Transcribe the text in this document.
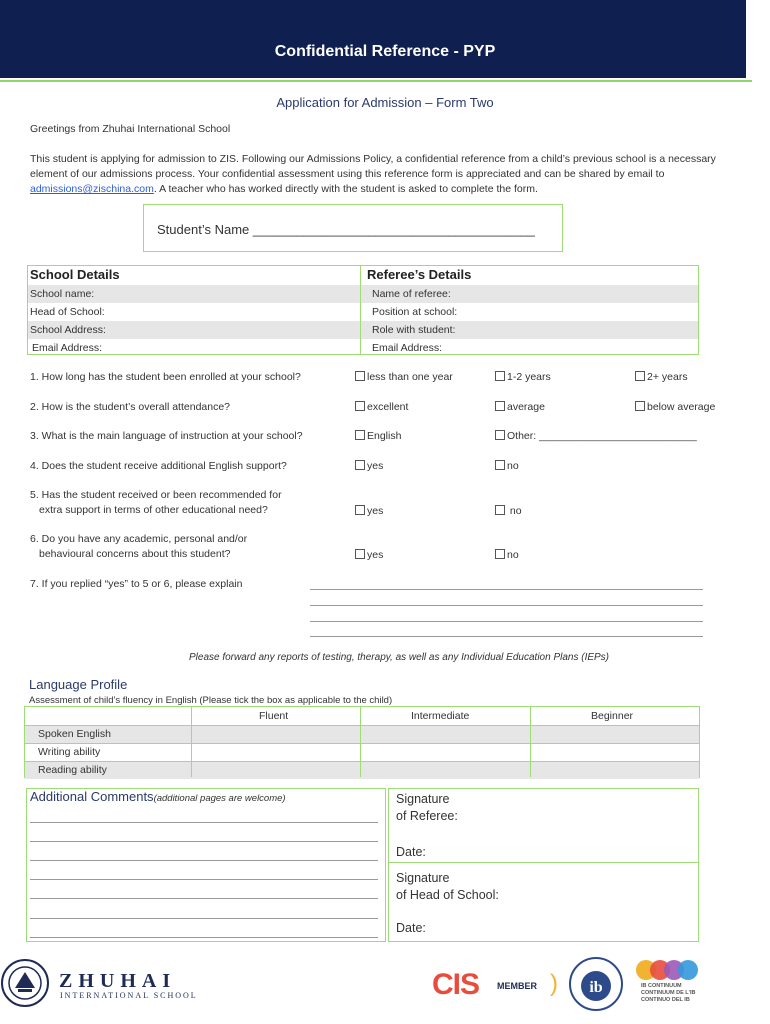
Confidential Reference - PYP
Application for Admission – Form Two
Greetings from Zhuhai International School
This student is applying for admission to ZIS. Following our Admissions Policy, a confidential reference from a child’s previous school is a necessary element of our admissions process. Your confidential assessment using this reference form is appreciated and can be shared by email to admissions@zischina.com. A teacher who has worked directly with the student is asked to complete the form.
Student’s Name _______________________________________
School Details	Referee’s Details
School name:	Name of referee:
Head of School:	Position at school:
School Address:	Role with student:
Email Address:	Email Address:
1. How long has the student been enrolled at your school?	less than one year	1-2 years	2+ years
2. How is the student’s overall attendance?	excellent	average	below average
3. What is the main language of instruction at your school?	English	Other: ___________________________
4. Does the student receive additional English support?	yes	no
5. Has the student received or been recommended for
extra support in terms of other educational need?	yes	no
6. Do you have any academic, personal and/or
behavioural concerns about this student?	yes	no
7. If you replied “yes” to 5 or 6, please explain
Please forward any reports of testing, therapy, as well as any Individual Education Plans (IEPs)
Language Profile
Assessment of child’s fluency in English (Please tick the box as applicable to the child)
Fluent	Intermediate	Beginner
Spoken English
Writing ability
Reading ability
Additional Comments(additional pages are welcome)	Signature
of Referee:
Date:
Signature
of Head of School:
Date:
ZHUHAI
INTERNATIONAL SCHOOL	CIS MEMBER ) ib	IB CONTINUUM
CONTINUUM DE L'IB
CONTINUO DEL IB
